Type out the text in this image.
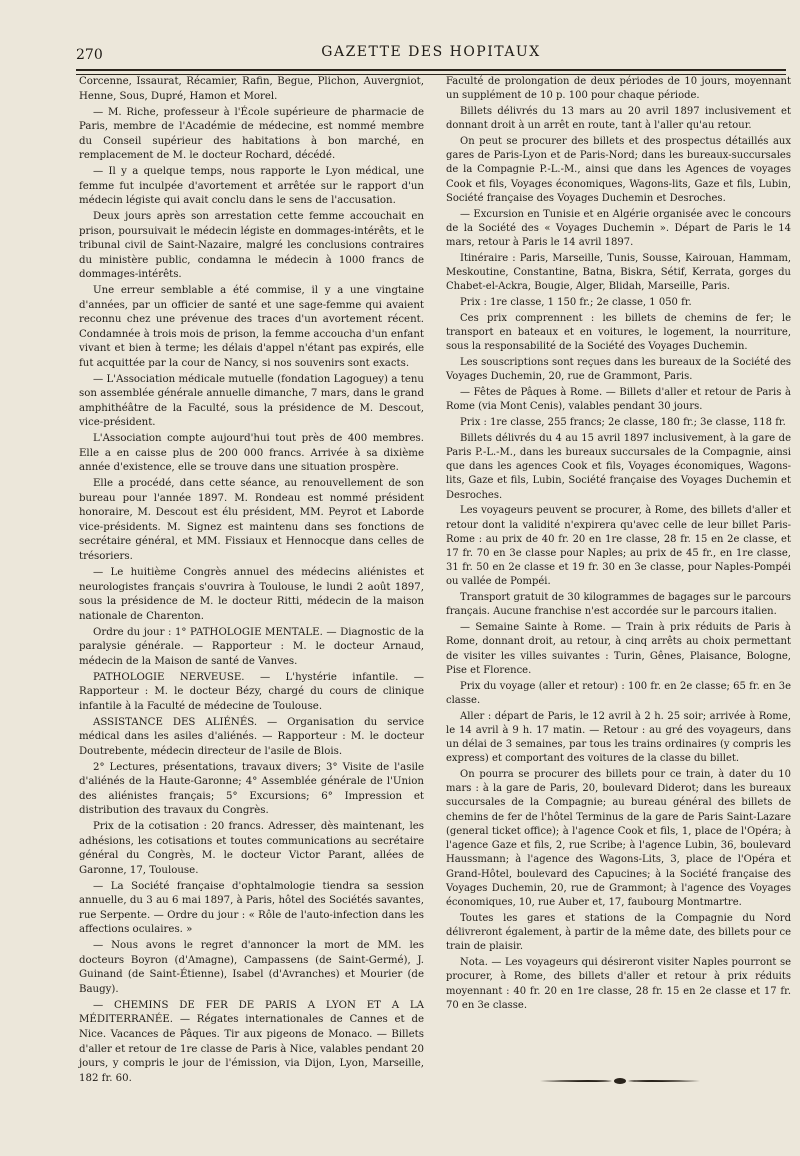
270	GAZETTE DES HOPITAUX

Corcenne, Issaurat, Récamier, Rafin, Begue, Plichon, Auvergniot, Henne, Sous, Dupré, Hamon et Morel.

— M. Riche, professeur à l'École supérieure de pharmacie de Paris, membre de l'Académie de médecine, est nommé membre du Conseil supérieur des habitations à bon marché, en remplacement de M. le docteur Rochard, décédé.

— Il y a quelque temps, nous rapporte le Lyon médical, une femme fut inculpée d'avortement et arrêtée sur le rapport d'un médecin légiste qui avait conclu dans le sens de l'accusation.

Deux jours après son arrestation cette femme accouchait en prison, poursuivait le médecin légiste en dommages-intérêts, et le tribunal civil de Saint-Nazaire, malgré les conclusions contraires du ministère public, condamna le médecin à 1000 francs de dommages-intérêts.

Une erreur semblable a été commise, il y a une vingtaine d'années, par un officier de santé et une sage-femme qui avaient reconnu chez une prévenue des traces d'un avortement récent. Condamnée à trois mois de prison, la femme accoucha d'un enfant vivant et bien à terme; les délais d'appel n'étant pas expirés, elle fut acquittée par la cour de Nancy, si nos souvenirs sont exacts.

— L'Association médicale mutuelle (fondation Lagoguey) a tenu son assemblée générale annuelle dimanche, 7 mars, dans le grand amphithéâtre de la Faculté, sous la présidence de M. Descout, vice-président.

L'Association compte aujourd'hui tout près de 400 membres. Elle a en caisse plus de 200 000 francs. Arrivée à sa dixième année d'existence, elle se trouve dans une situation prospère.

Elle a procédé, dans cette séance, au renouvellement de son bureau pour l'année 1897. M. Rondeau est nommé président honoraire, M. Descout est élu président, MM. Peyrot et Laborde vice-présidents. M. Signez est maintenu dans ses fonctions de secrétaire général, et MM. Fissiaux et Hennocque dans celles de trésoriers.

— Le huitième Congrès annuel des médecins aliénistes et neurologistes français s'ouvrira à Toulouse, le lundi 2 août 1897, sous la présidence de M. le docteur Ritti, médecin de la maison nationale de Charenton.

Ordre du jour : 1° PATHOLOGIE MENTALE. — Diagnostic de la paralysie générale. — Rapporteur : M. le docteur Arnaud, médecin de la Maison de santé de Vanves.

PATHOLOGIE NERVEUSE. — L'hystérie infantile. — Rapporteur : M. le docteur Bézy, chargé du cours de clinique infantile à la Faculté de médecine de Toulouse.

ASSISTANCE DES ALIÉNÉS. — Organisation du service médical dans les asiles d'aliénés. — Rapporteur : M. le docteur Doutrebente, médecin directeur de l'asile de Blois.

2° Lectures, présentations, travaux divers; 3° Visite de l'asile d'aliénés de la Haute-Garonne; 4° Assemblée générale de l'Union des aliénistes français; 5° Excursions; 6° Impression et distribution des travaux du Congrès.

Prix de la cotisation : 20 francs. Adresser, dès maintenant, les adhésions, les cotisations et toutes communications au secrétaire général du Congrès, M. le docteur Victor Parant, allées de Garonne, 17, Toulouse.

— La Société française d'ophtalmologie tiendra sa session annuelle, du 3 au 6 mai 1897, à Paris, hôtel des Sociétés savantes, rue Serpente. — Ordre du jour : « Rôle de l'auto-infection dans les affections oculaires. »

— Nous avons le regret d'annoncer la mort de MM. les docteurs Boyron (d'Amagne), Campassens (de Saint-Germé), J. Guinand (de Saint-Étienne), Isabel (d'Avranches) et Mourier (de Baugy).

— CHEMINS DE FER DE PARIS A LYON ET A LA MÉDITERRANÉE. — Régates internationales de Cannes et de Nice. Vacances de Pâques. Tir aux pigeons de Monaco. — Billets d'aller et retour de 1re classe de Paris à Nice, valables pendant 20 jours, y compris le jour de l'émission, via Dijon, Lyon, Marseille, 182 fr. 60.

Faculté de prolongation de deux périodes de 10 jours, moyennant un supplément de 10 p. 100 pour chaque période.

Billets délivrés du 13 mars au 20 avril 1897 inclusivement et donnant droit à un arrêt en route, tant à l'aller qu'au retour.

On peut se procurer des billets et des prospectus détaillés aux gares de Paris-Lyon et de Paris-Nord; dans les bureaux-succursales de la Compagnie P.-L.-M., ainsi que dans les Agences de voyages Cook et fils, Voyages économiques, Wagons-lits, Gaze et fils, Lubin, Société française des Voyages Duchemin et Desroches.

— Excursion en Tunisie et en Algérie organisée avec le concours de la Société des « Voyages Duchemin ». Départ de Paris le 14 mars, retour à Paris le 14 avril 1897.

Itinéraire : Paris, Marseille, Tunis, Sousse, Kairouan, Hammam, Meskoutine, Constantine, Batna, Biskra, Sétif, Kerrata, gorges du Chabet-el-Ackra, Bougie, Alger, Blidah, Marseille, Paris.

Prix : 1re classe, 1 150 fr.; 2e classe, 1 050 fr.

Ces prix comprennent : les billets de chemins de fer; le transport en bateaux et en voitures, le logement, la nourriture, sous la responsabilité de la Société des Voyages Duchemin.

Les souscriptions sont reçues dans les bureaux de la Société des Voyages Duchemin, 20, rue de Grammont, Paris.

— Fêtes de Pâques à Rome. — Billets d'aller et retour de Paris à Rome (via Mont Cenis), valables pendant 30 jours.

Prix : 1re classe, 255 francs; 2e classe, 180 fr.; 3e classe, 118 fr.

Billets délivrés du 4 au 15 avril 1897 inclusivement, à la gare de Paris P.-L.-M., dans les bureaux succursales de la Compagnie, ainsi que dans les agences Cook et fils, Voyages économiques, Wagons-lits, Gaze et fils, Lubin, Société française des Voyages Duchemin et Desroches.

Les voyageurs peuvent se procurer, à Rome, des billets d'aller et retour dont la validité n'expirera qu'avec celle de leur billet Paris-Rome : au prix de 40 fr. 20 en 1re classe, 28 fr. 15 en 2e classe, et 17 fr. 70 en 3e classe pour Naples; au prix de 45 fr., en 1re classe, 31 fr. 50 en 2e classe et 19 fr. 30 en 3e classe, pour Naples-Pompéi ou vallée de Pompéi.

Transport gratuit de 30 kilogrammes de bagages sur le parcours français. Aucune franchise n'est accordée sur le parcours italien.

— Semaine Sainte à Rome. — Train à prix réduits de Paris à Rome, donnant droit, au retour, à cinq arrêts au choix permettant de visiter les villes suivantes : Turin, Gênes, Plaisance, Bologne, Pise et Florence.

Prix du voyage (aller et retour) : 100 fr. en 2e classe; 65 fr. en 3e classe.

Aller : départ de Paris, le 12 avril à 2 h. 25 soir; arrivée à Rome, le 14 avril à 9 h. 17 matin. — Retour : au gré des voyageurs, dans un délai de 3 semaines, par tous les trains ordinaires (y compris les express) et comportant des voitures de la classe du billet.

On pourra se procurer des billets pour ce train, à dater du 10 mars : à la gare de Paris, 20, boulevard Diderot; dans les bureaux succursales de la Compagnie; au bureau général des billets de chemins de fer de l'hôtel Terminus de la gare de Paris Saint-Lazare (general ticket office); à l'agence Cook et fils, 1, place de l'Opéra; à l'agence Gaze et fils, 2, rue Scribe; à l'agence Lubin, 36, boulevard Haussmann; à l'agence des Wagons-Lits, 3, place de l'Opéra et Grand-Hôtel, boulevard des Capucines; à la Société française des Voyages Duchemin, 20, rue de Grammont; à l'agence des Voyages économiques, 10, rue Auber et, 17, faubourg Montmartre.

Toutes les gares et stations de la Compagnie du Nord délivreront également, à partir de la même date, des billets pour ce train de plaisir.

Nota. — Les voyageurs qui désireront visiter Naples pourront se procurer, à Rome, des billets d'aller et retour à prix réduits moyennant : 40 fr. 20 en 1re classe, 28 fr. 15 en 2e classe et 17 fr. 70 en 3e classe.
